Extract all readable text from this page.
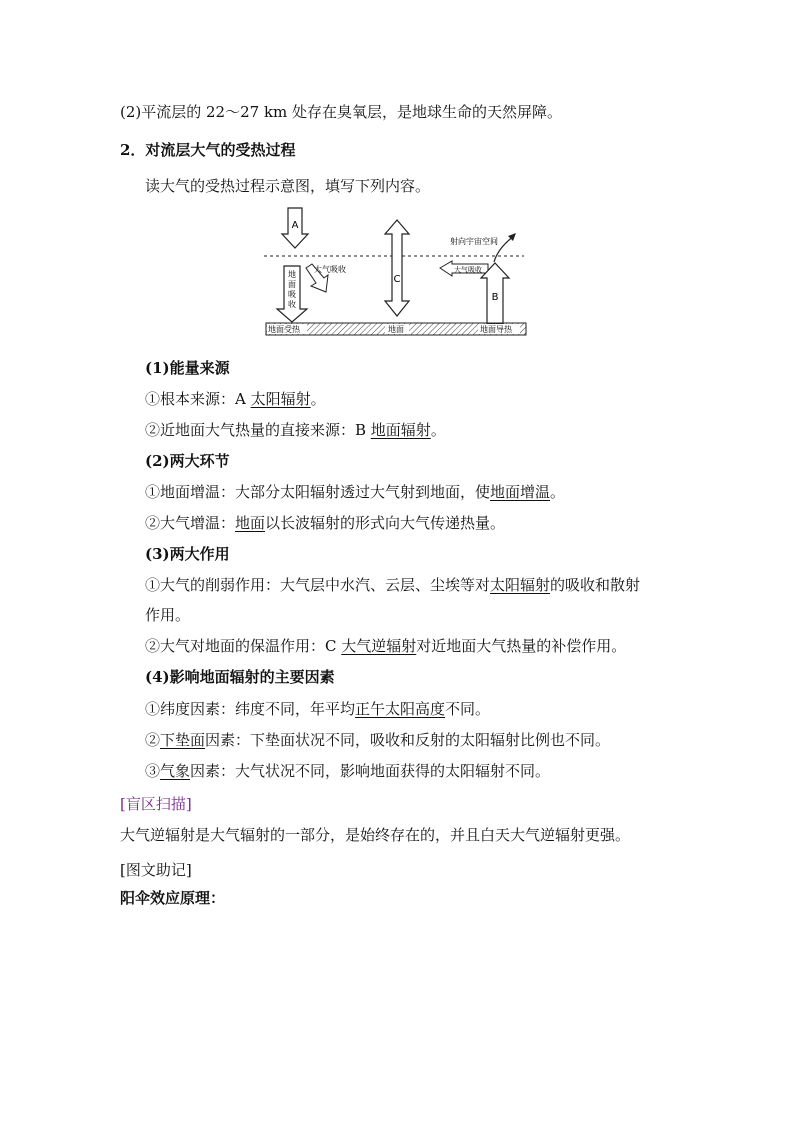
(2)平流层的 22～27 km 处存在臭氧层，是地球生命的天然屏障。
2．对流层大气的受热过程
读大气的受热过程示意图，填写下列内容。
A
地
面
吸
收
大气吸收
C
射向宇宙空间
大气吸收
B
地面受热	地面	地面导热
(1)能量来源
①根本来源：A 太阳辐射。
②近地面大气热量的直接来源：B 地面辐射。
(2)两大环节
①地面增温：大部分太阳辐射透过大气射到地面，使地面增温。
②大气增温：地面以长波辐射的形式向大气传递热量。
(3)两大作用
①大气的削弱作用：大气层中水汽、云层、尘埃等对太阳辐射的吸收和散射
作用。
②大气对地面的保温作用：C 大气逆辐射对近地面大气热量的补偿作用。
(4)影响地面辐射的主要因素
①纬度因素：纬度不同，年平均正午太阳高度不同。
②下垫面因素：下垫面状况不同，吸收和反射的太阳辐射比例也不同。
③气象因素：大气状况不同，影响地面获得的太阳辐射不同。
[盲区扫描]
大气逆辐射是大气辐射的一部分，是始终存在的，并且白天大气逆辐射更强。
[图文助记]
阳伞效应原理：
